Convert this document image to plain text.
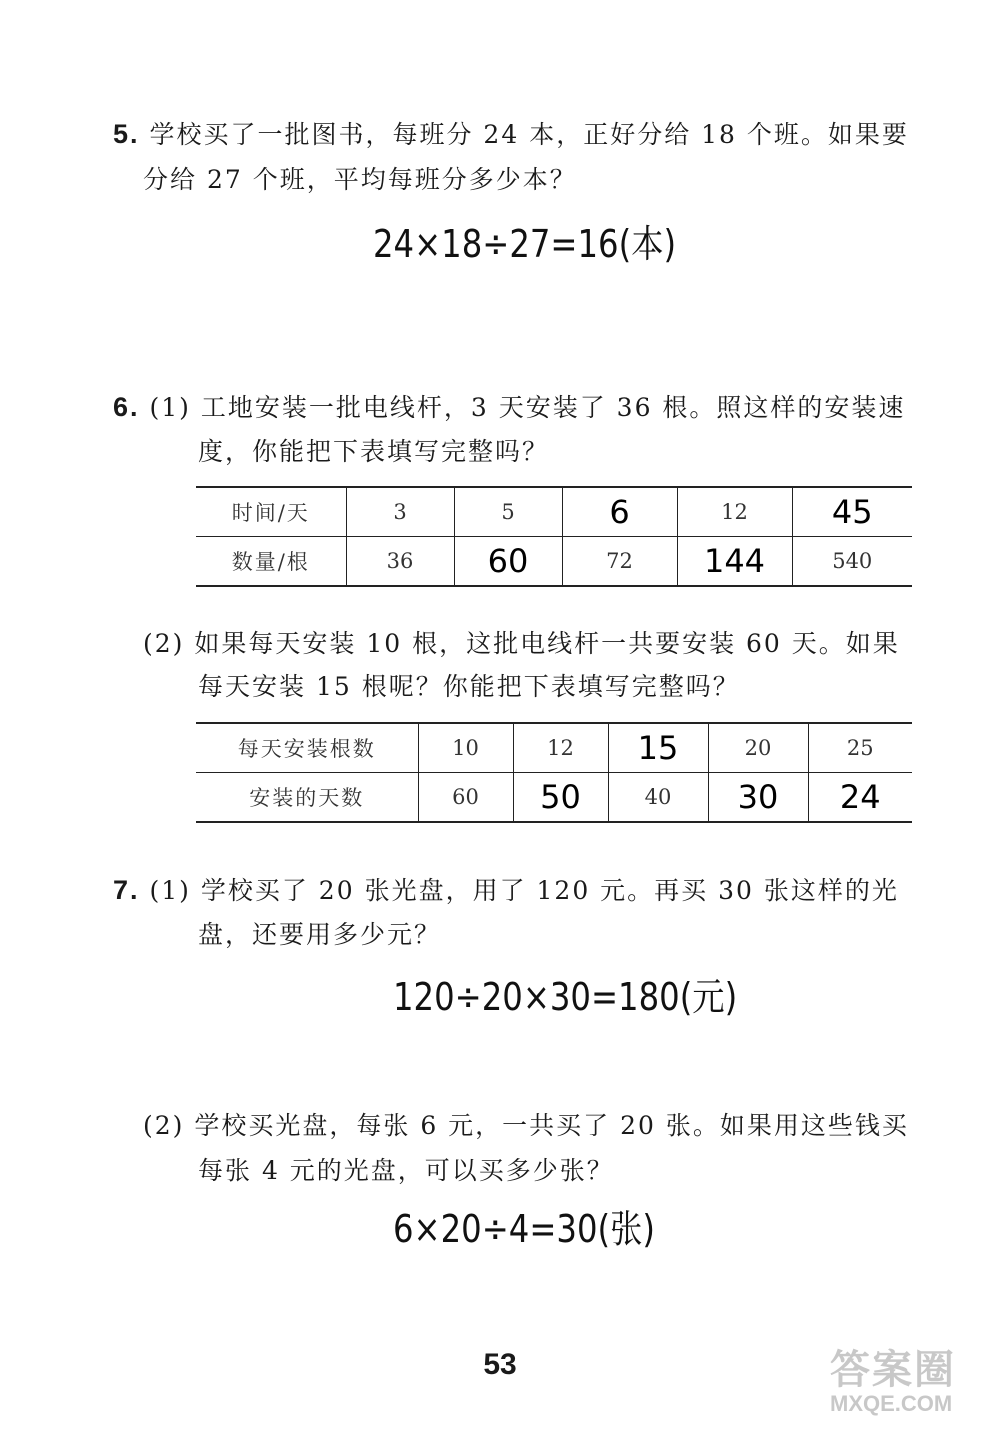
5. 学校买了一批图书，每班分 24 本，正好分给 18 个班。如果要
分给 27 个班，平均每班分多少本？
24×18÷27=16(本)
6. (1) 工地安装一批电线杆，3 天安装了 36 根。照这样的安装速
度，你能把下表填写完整吗？
时间/天	3	5	6	12	45
数量/根	36	60	72	144	540
(2) 如果每天安装 10 根，这批电线杆一共要安装 60 天。如果
每天安装 15 根呢？你能把下表填写完整吗？
每天安装根数	10	12	15	20	25
安装的天数	60	50	40	30	24
7. (1) 学校买了 20 张光盘，用了 120 元。再买 30 张这样的光
盘，还要用多少元？
120÷20×30=180(元)
(2) 学校买光盘，每张 6 元，一共买了 20 张。如果用这些钱买
每张 4 元的光盘，可以买多少张？
6×20÷4=30(张)
53	答案圈
MXQE.COM
